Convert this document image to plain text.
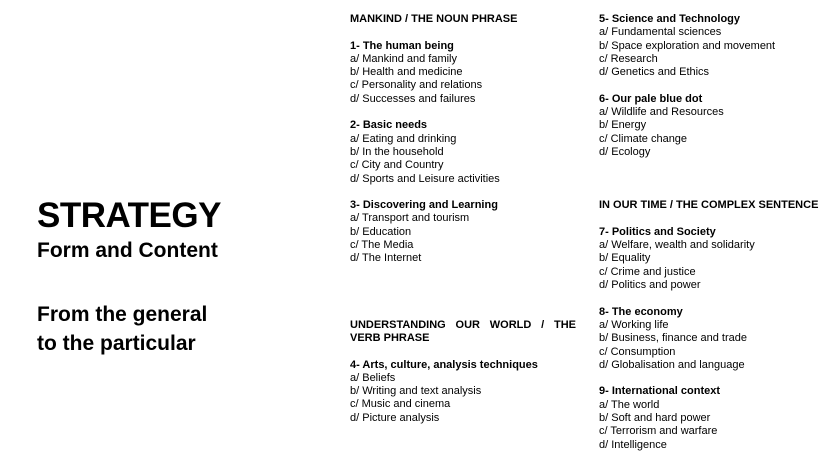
STRATEGY
Form and Content
From the general
to the particular
MANKIND / THE NOUN PHRASE
1- The human being
a/ Mankind and family
b/ Health and medicine
c/ Personality and relations
d/ Successes and failures
2- Basic needs
a/ Eating and drinking
b/ In the household
c/ City and Country
d/ Sports and Leisure activities
3- Discovering and Learning
a/ Transport and tourism
b/ Education
c/ The Media
d/ The Internet
UNDERSTANDING OUR WORLD / THE VERB PHRASE
4- Arts, culture, analysis techniques
a/ Beliefs
b/ Writing and text analysis
c/ Music and cinema
d/ Picture analysis
5- Science and Technology
a/ Fundamental sciences
b/ Space exploration and movement
c/ Research
d/ Genetics and Ethics
6- Our pale blue dot
a/ Wildlife and Resources
b/ Energy
c/ Climate change
d/ Ecology
IN OUR TIME / THE COMPLEX SENTENCE
7- Politics and Society
a/ Welfare, wealth and solidarity
b/ Equality
c/ Crime and justice
d/ Politics and power
8- The economy
a/ Working life
b/ Business, finance and trade
c/ Consumption
d/ Globalisation and language
9- International context
a/ The world
b/ Soft and hard power
c/ Terrorism and warfare
d/ Intelligence
